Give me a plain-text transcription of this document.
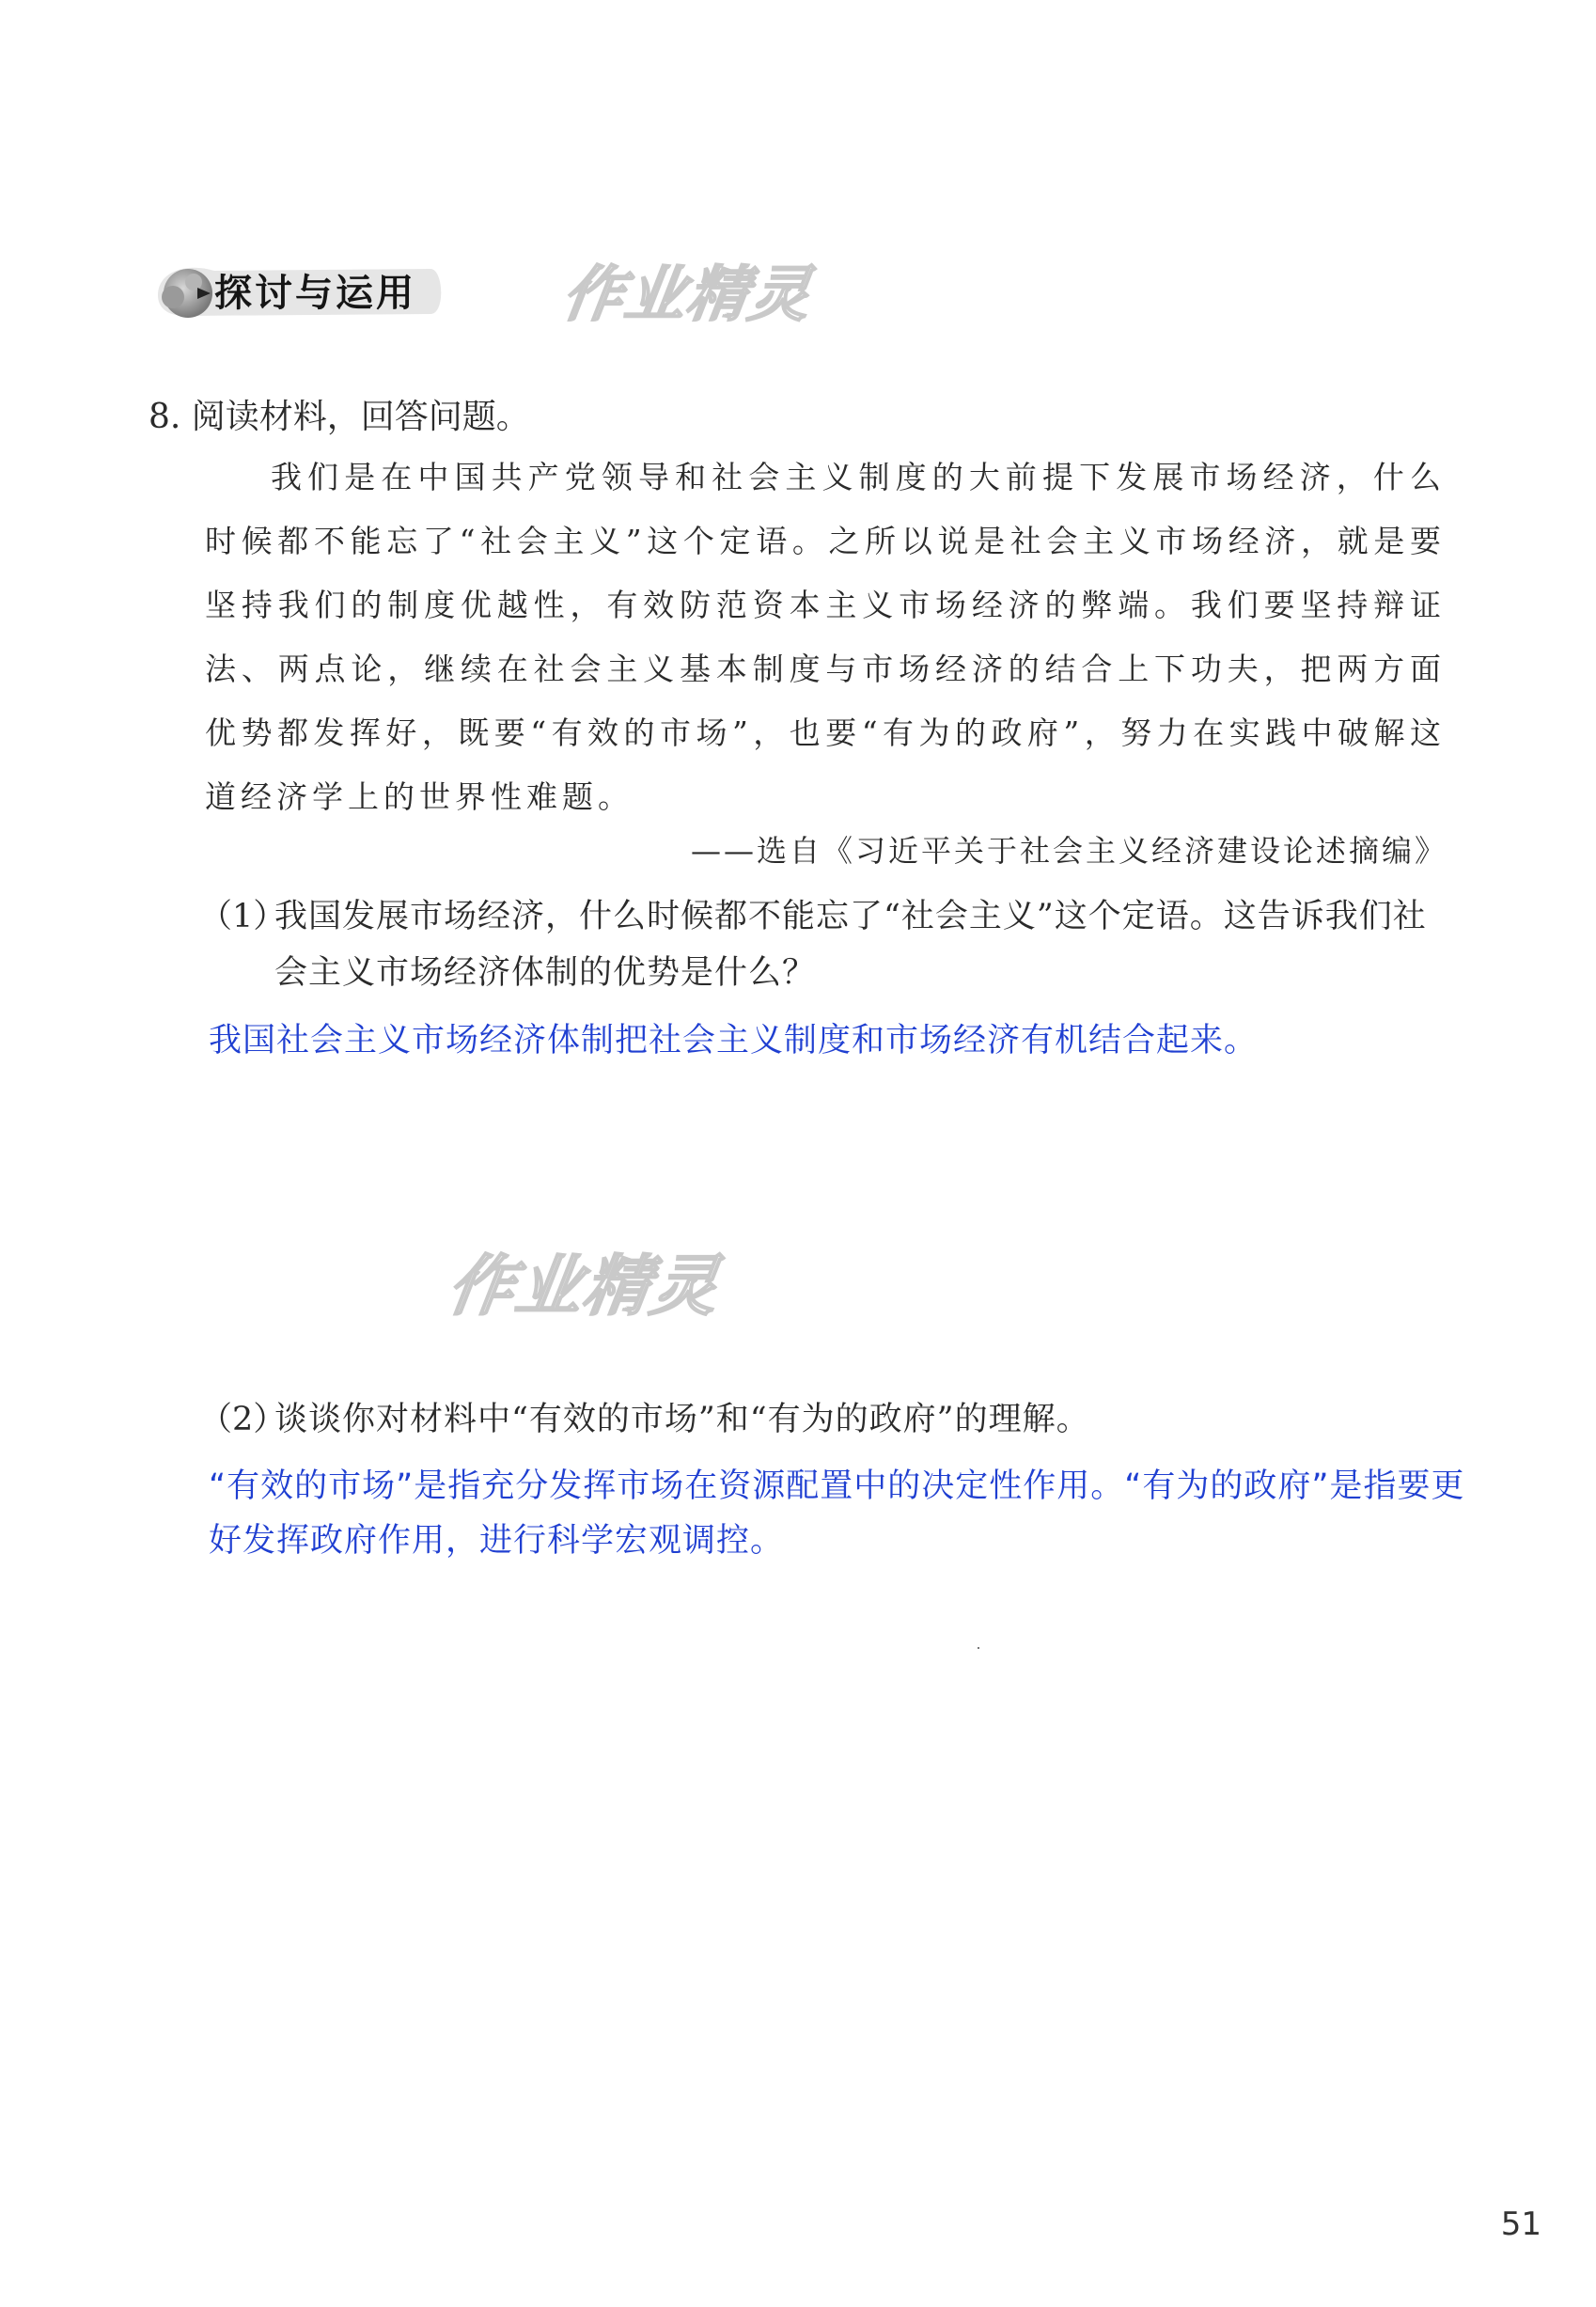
探讨与运用 作业精灵
作业精灵
8. 阅读材料，回答问题。
我们是在中国共产党领导和社会主义制度的大前提下发展市场经济，什么时候都不能忘了“社会主义”这个定语。之所以说是社会主义市场经济，就是要坚持我们的制度优越性，有效防范资本主义市场经济的弊端。我们要坚持辩证法、两点论，继续在社会主义基本制度与市场经济的结合上下功夫，把两方面优势都发挥好，既要“有效的市场”，也要“有为的政府”，努力在实践中破解这道经济学上的世界性难题。
——选自《习近平关于社会主义经济建设论述摘编》
（1）
我国发展市场经济，什么时候都不能忘了“社会主义”这个定语。这告诉我们社会主义市场经济体制的优势是什么？
我国社会主义市场经济体制把社会主义制度和市场经济有机结合起来。
（2）
谈谈你对材料中“有效的市场”和“有为的政府”的理解。
“有效的市场”是指充分发挥市场在资源配置中的决定性作用。“有为的政府”是指要更好发挥政府作用，进行科学宏观调控。
51
